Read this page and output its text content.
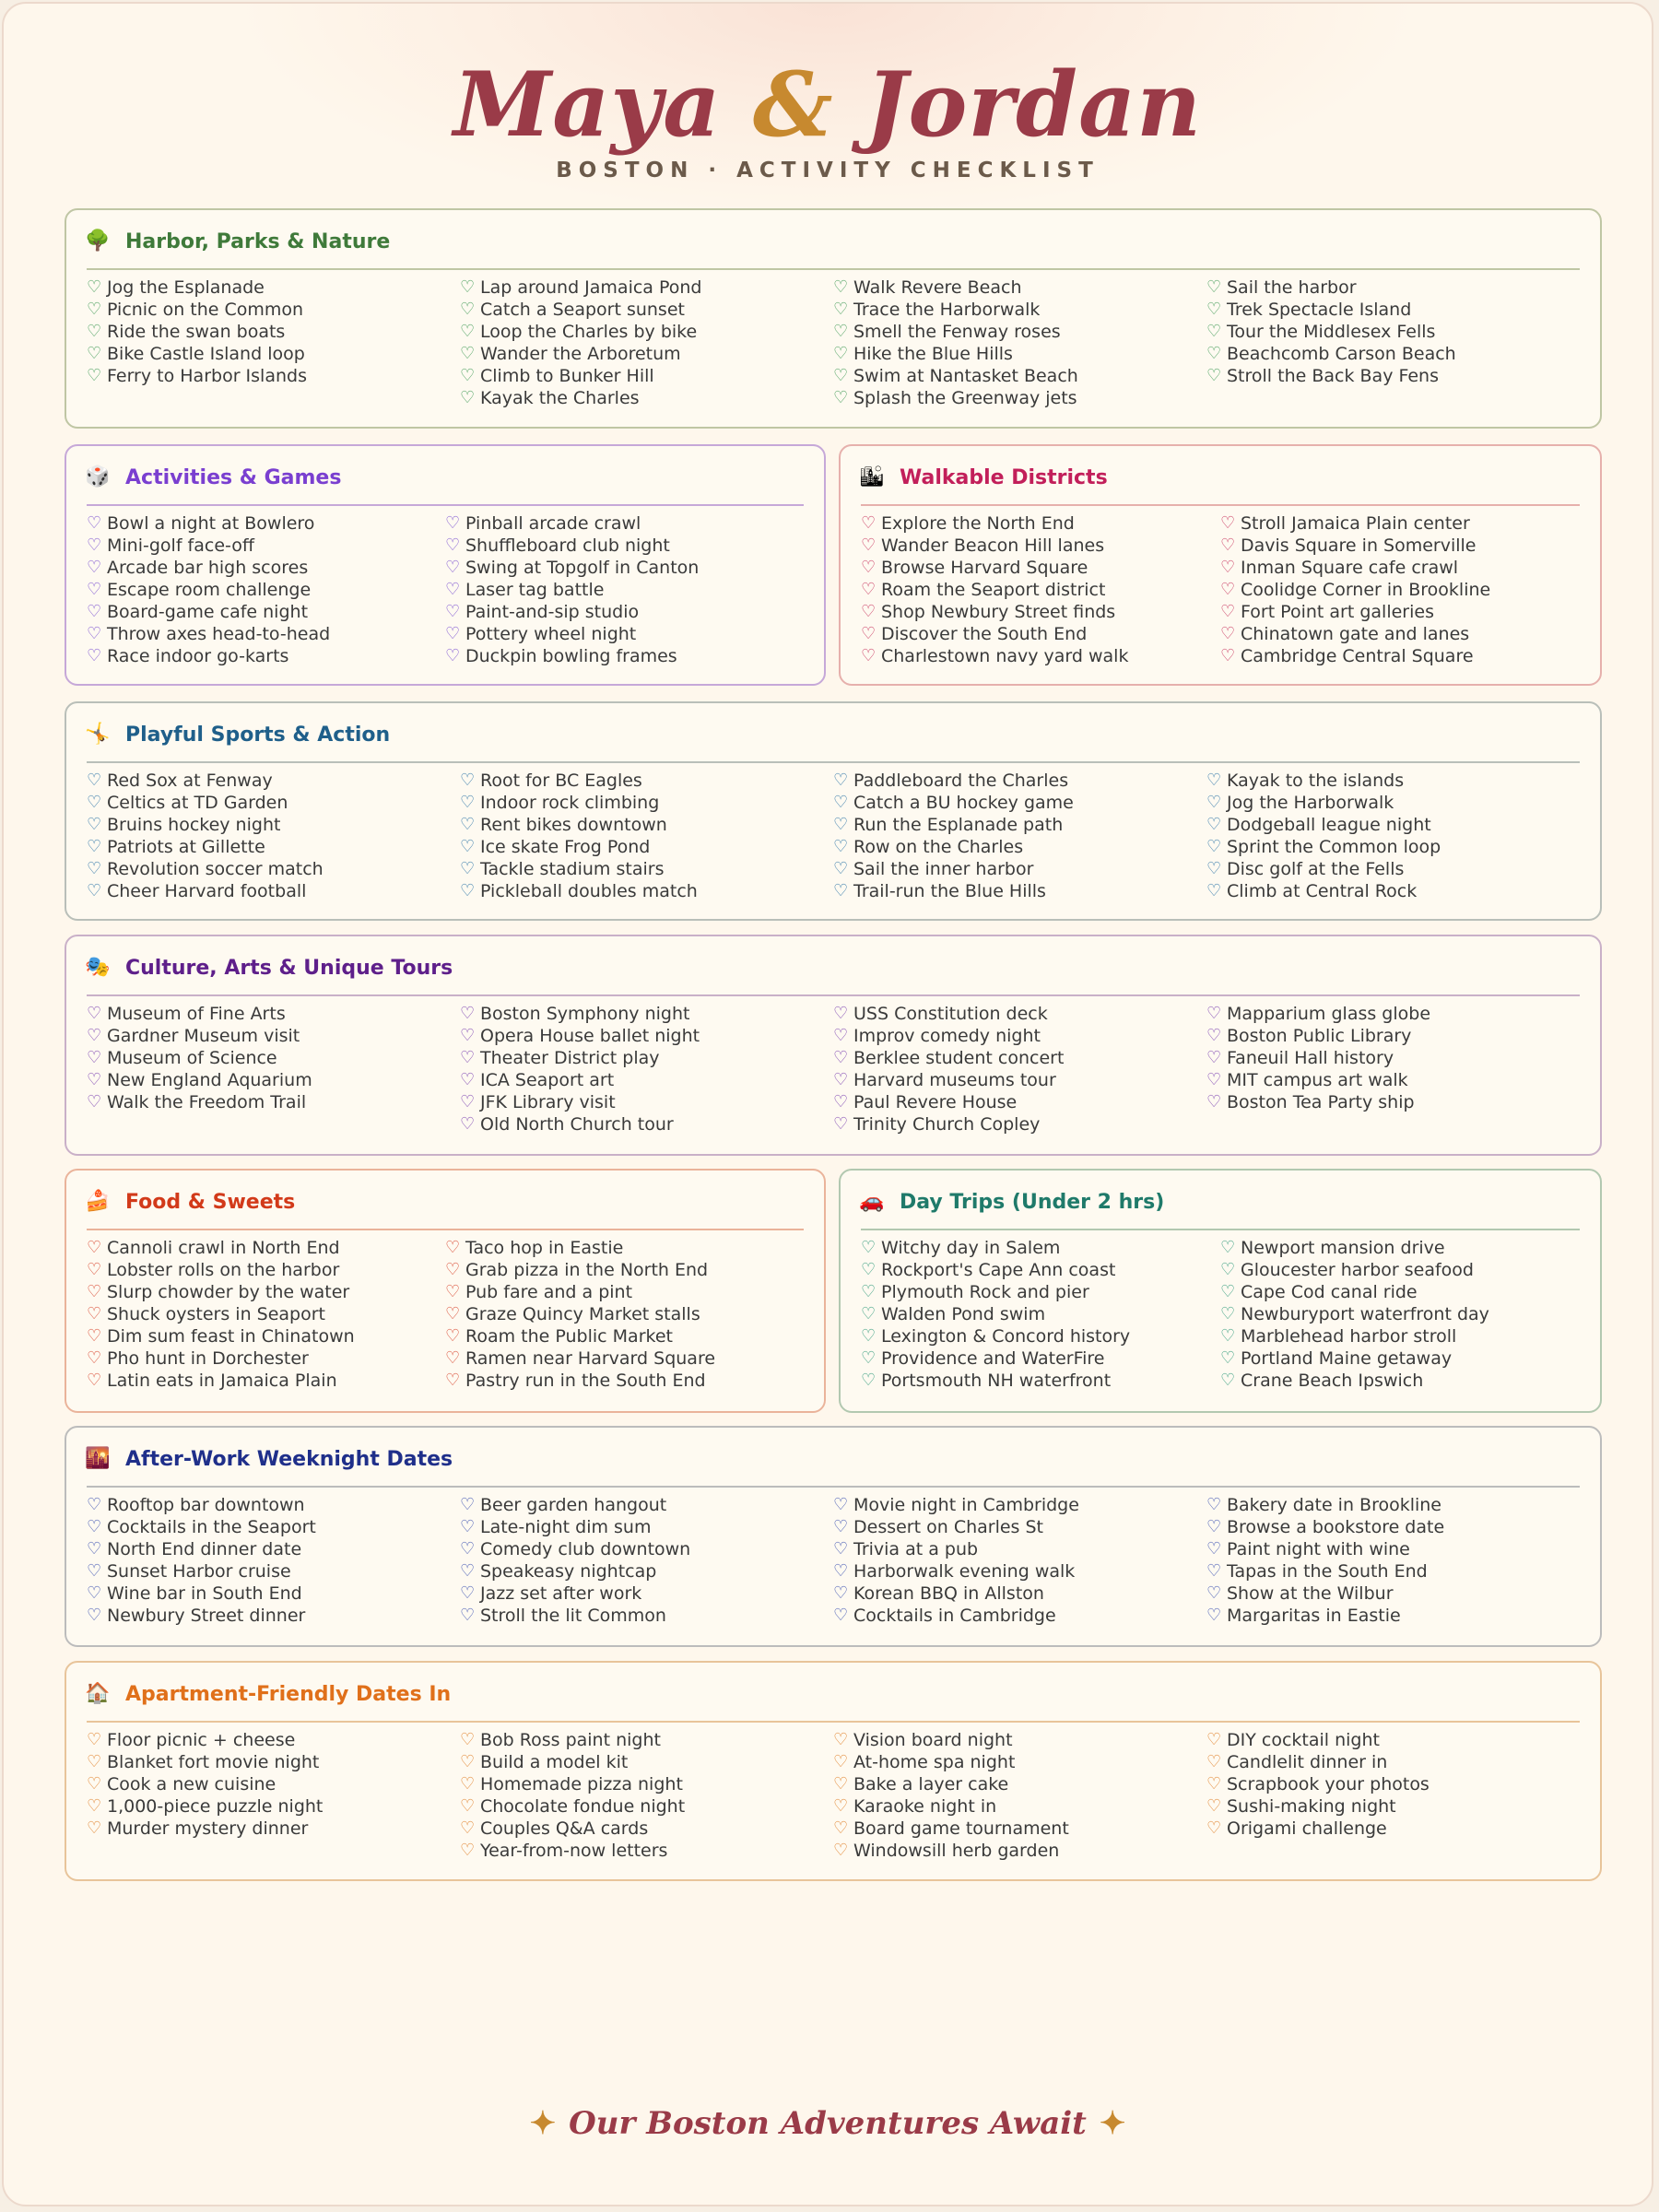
Maya & Jordan
BOSTON · ACTIVITY CHECKLIST
🌳 Harbor, Parks & Nature
♡ Jog the Esplanade
♡ Picnic on the Common
♡ Ride the swan boats
♡ Bike Castle Island loop
♡ Ferry to Harbor Islands
♡ Lap around Jamaica Pond
♡ Catch a Seaport sunset
♡ Loop the Charles by bike
♡ Wander the Arboretum
♡ Climb to Bunker Hill
♡ Kayak the Charles
♡ Walk Revere Beach
♡ Trace the Harborwalk
♡ Smell the Fenway roses
♡ Hike the Blue Hills
♡ Swim at Nantasket Beach
♡ Splash the Greenway jets
♡ Sail the harbor
♡ Trek Spectacle Island
♡ Tour the Middlesex Fells
♡ Beachcomb Carson Beach
♡ Stroll the Back Bay Fens
🎲 Activities & Games
♡ Bowl a night at Bowlero
♡ Mini-golf face-off
♡ Arcade bar high scores
♡ Escape room challenge
♡ Board-game cafe night
♡ Throw axes head-to-head
♡ Race indoor go-karts
♡ Pinball arcade crawl
♡ Shuffleboard club night
♡ Swing at Topgolf in Canton
♡ Laser tag battle
♡ Paint-and-sip studio
♡ Pottery wheel night
♡ Duckpin bowling frames
🏙 Walkable Districts
♡ Explore the North End
♡ Wander Beacon Hill lanes
♡ Browse Harvard Square
♡ Roam the Seaport district
♡ Shop Newbury Street finds
♡ Discover the South End
♡ Charlestown navy yard walk
♡ Stroll Jamaica Plain center
♡ Davis Square in Somerville
♡ Inman Square cafe crawl
♡ Coolidge Corner in Brookline
♡ Fort Point art galleries
♡ Chinatown gate and lanes
♡ Cambridge Central Square
🤸 Playful Sports & Action
♡ Red Sox at Fenway
♡ Celtics at TD Garden
♡ Bruins hockey night
♡ Patriots at Gillette
♡ Revolution soccer match
♡ Cheer Harvard football
♡ Root for BC Eagles
♡ Indoor rock climbing
♡ Rent bikes downtown
♡ Ice skate Frog Pond
♡ Tackle stadium stairs
♡ Pickleball doubles match
♡ Paddleboard the Charles
♡ Catch a BU hockey game
♡ Run the Esplanade path
♡ Row on the Charles
♡ Sail the inner harbor
♡ Trail-run the Blue Hills
♡ Kayak to the islands
♡ Jog the Harborwalk
♡ Dodgeball league night
♡ Sprint the Common loop
♡ Disc golf at the Fells
♡ Climb at Central Rock
🎭 Culture, Arts & Unique Tours
♡ Museum of Fine Arts
♡ Gardner Museum visit
♡ Museum of Science
♡ New England Aquarium
♡ Walk the Freedom Trail
♡ Boston Symphony night
♡ Opera House ballet night
♡ Theater District play
♡ ICA Seaport art
♡ JFK Library visit
♡ Old North Church tour
♡ USS Constitution deck
♡ Improv comedy night
♡ Berklee student concert
♡ Harvard museums tour
♡ Paul Revere House
♡ Trinity Church Copley
♡ Mapparium glass globe
♡ Boston Public Library
♡ Faneuil Hall history
♡ MIT campus art walk
♡ Boston Tea Party ship
🍰 Food & Sweets
♡ Cannoli crawl in North End
♡ Lobster rolls on the harbor
♡ Slurp chowder by the water
♡ Shuck oysters in Seaport
♡ Dim sum feast in Chinatown
♡ Pho hunt in Dorchester
♡ Latin eats in Jamaica Plain
♡ Taco hop in Eastie
♡ Grab pizza in the North End
♡ Pub fare and a pint
♡ Graze Quincy Market stalls
♡ Roam the Public Market
♡ Ramen near Harvard Square
♡ Pastry run in the South End
🚗 Day Trips (Under 2 hrs)
♡ Witchy day in Salem
♡ Rockport's Cape Ann coast
♡ Plymouth Rock and pier
♡ Walden Pond swim
♡ Lexington & Concord history
♡ Providence and WaterFire
♡ Portsmouth NH waterfront
♡ Newport mansion drive
♡ Gloucester harbor seafood
♡ Cape Cod canal ride
♡ Newburyport waterfront day
♡ Marblehead harbor stroll
♡ Portland Maine getaway
♡ Crane Beach Ipswich
🌇 After-Work Weeknight Dates
♡ Rooftop bar downtown
♡ Cocktails in the Seaport
♡ North End dinner date
♡ Sunset Harbor cruise
♡ Wine bar in South End
♡ Newbury Street dinner
♡ Beer garden hangout
♡ Late-night dim sum
♡ Comedy club downtown
♡ Speakeasy nightcap
♡ Jazz set after work
♡ Stroll the lit Common
♡ Movie night in Cambridge
♡ Dessert on Charles St
♡ Trivia at a pub
♡ Harborwalk evening walk
♡ Korean BBQ in Allston
♡ Cocktails in Cambridge
♡ Bakery date in Brookline
♡ Browse a bookstore date
♡ Paint night with wine
♡ Tapas in the South End
♡ Show at the Wilbur
♡ Margaritas in Eastie
🏠 Apartment-Friendly Dates In
♡ Floor picnic + cheese
♡ Blanket fort movie night
♡ Cook a new cuisine
♡ 1,000-piece puzzle night
♡ Murder mystery dinner
♡ Bob Ross paint night
♡ Build a model kit
♡ Homemade pizza night
♡ Chocolate fondue night
♡ Couples Q&A cards
♡ Year-from-now letters
♡ Vision board night
♡ At-home spa night
♡ Bake a layer cake
♡ Karaoke night in
♡ Board game tournament
♡ Windowsill herb garden
♡ DIY cocktail night
♡ Candlelit dinner in
♡ Scrapbook your photos
♡ Sushi-making night
♡ Origami challenge
✦ Our Boston Adventures Await ✦
